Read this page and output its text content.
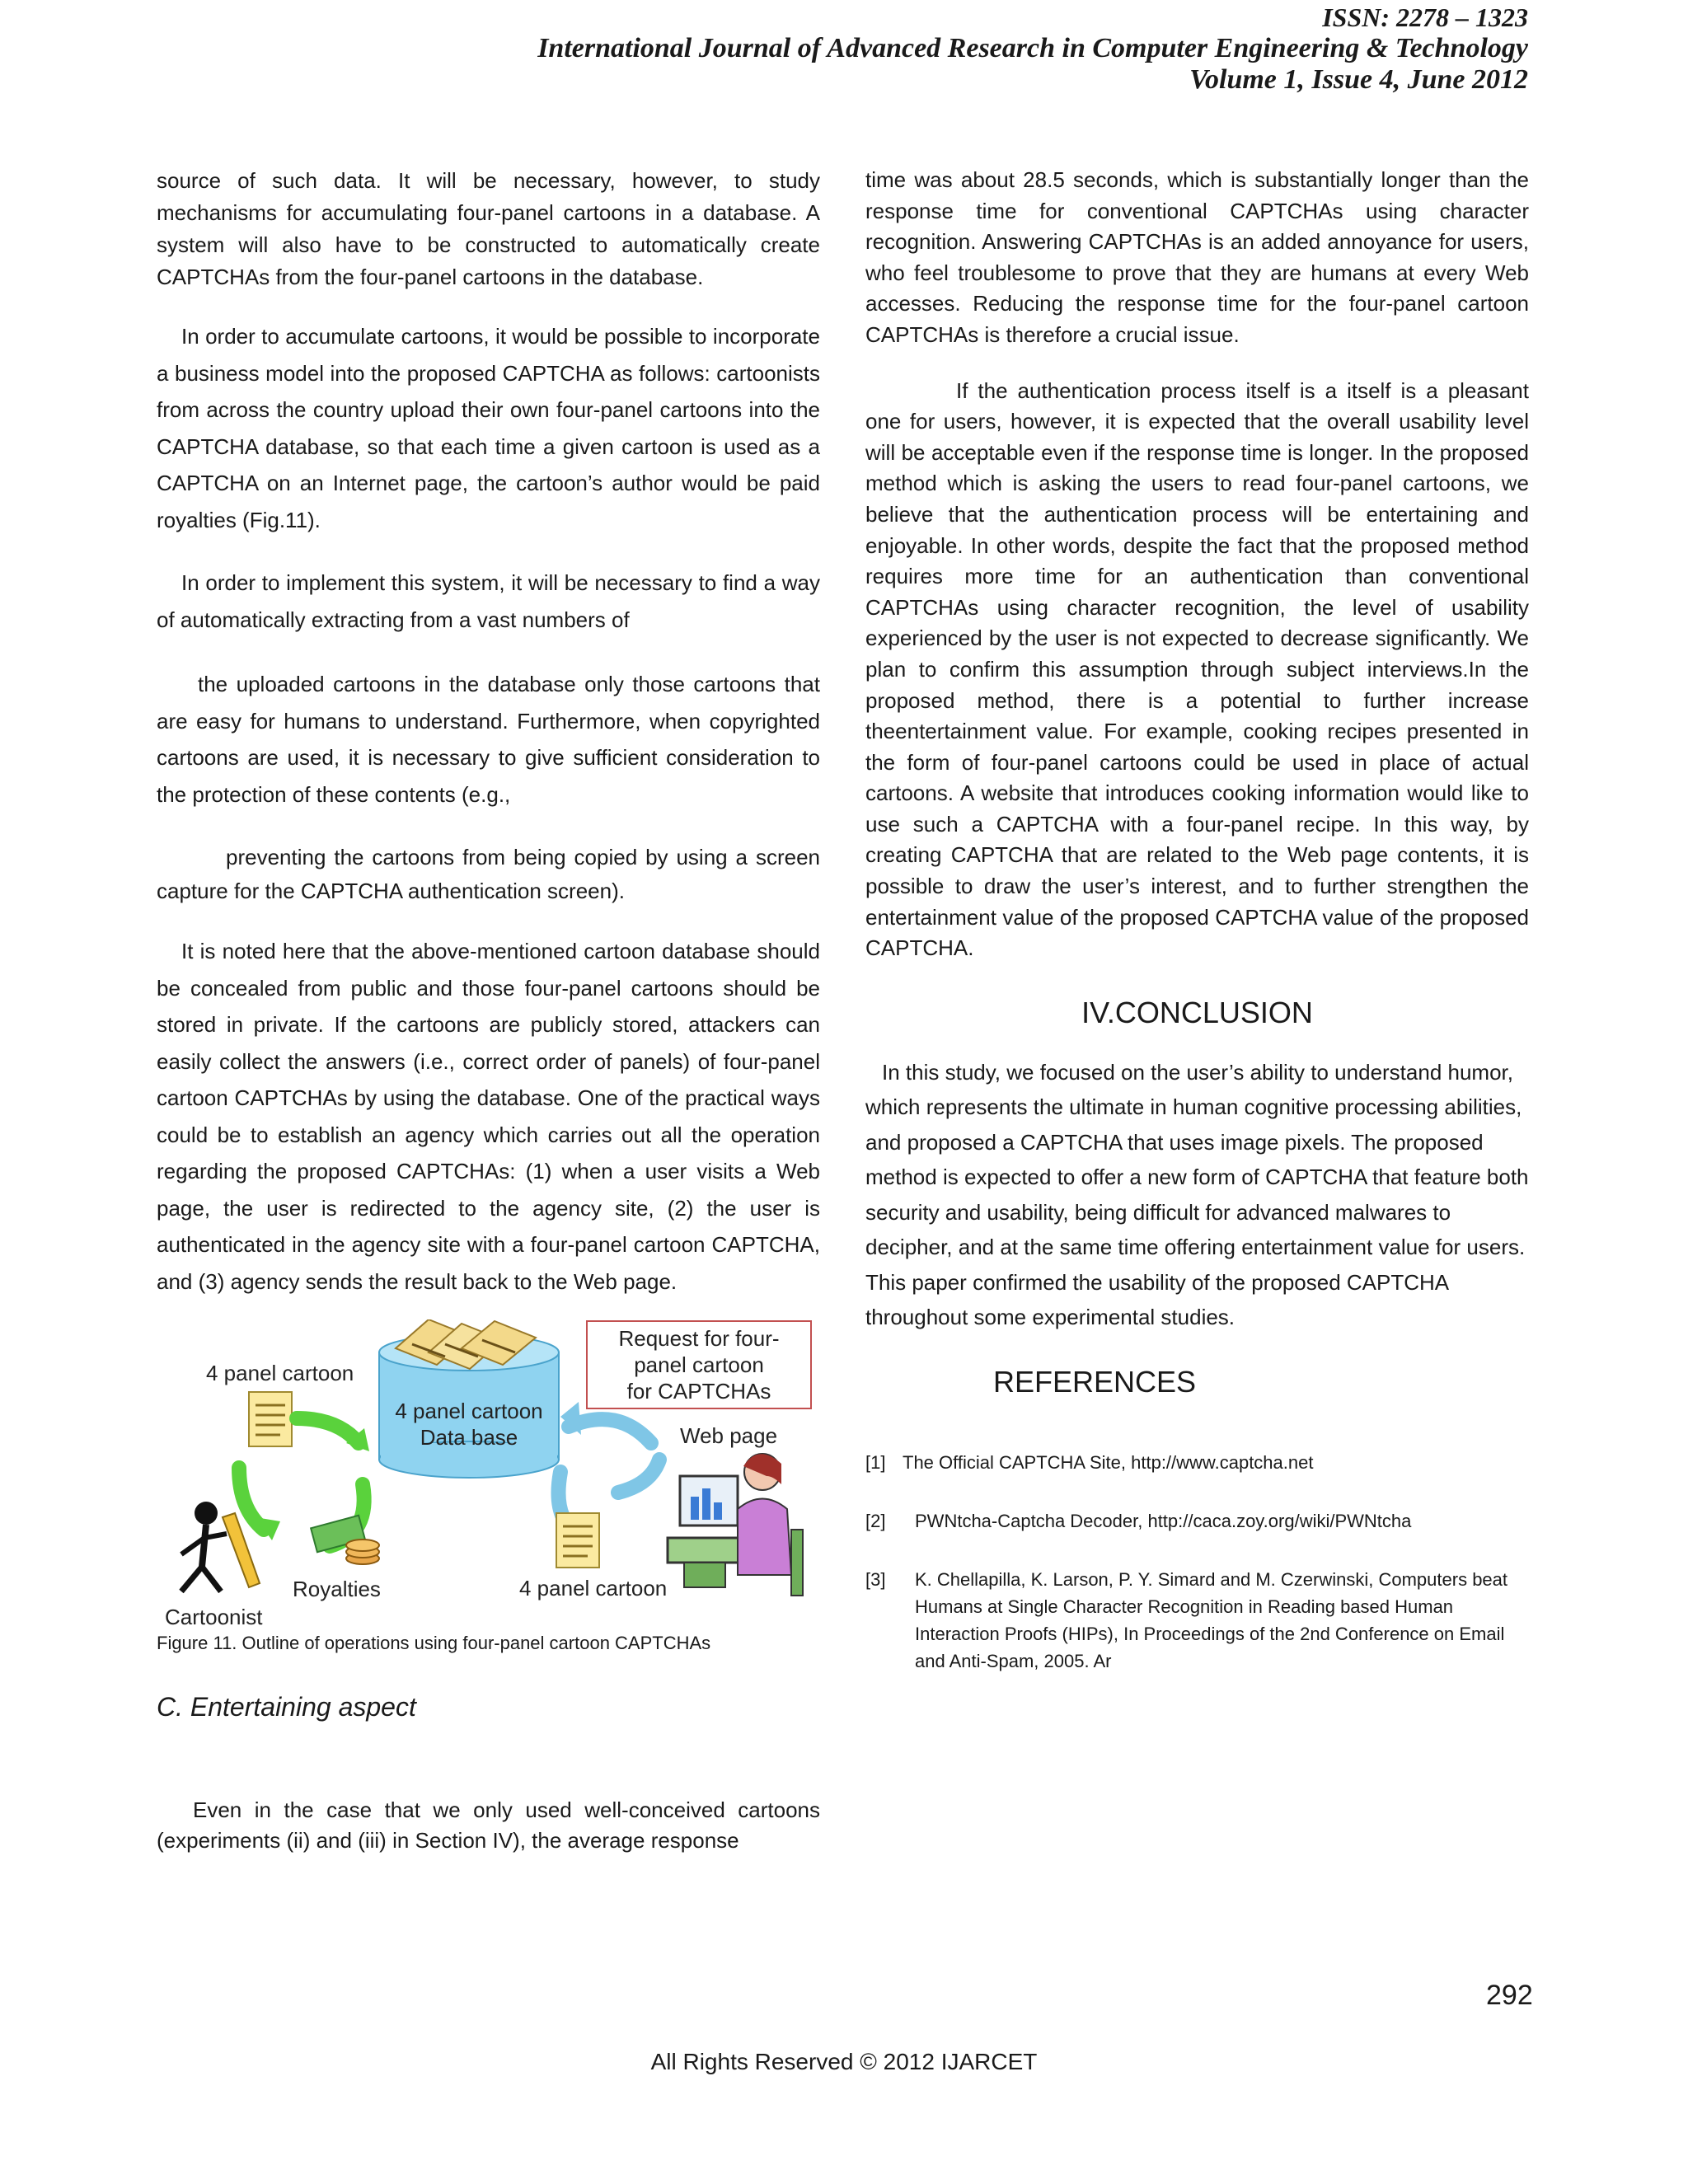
ISSN: 2278 – 1323
International Journal of Advanced Research in Computer Engineering & Technology
Volume 1, Issue 4, June 2012

source of such data. It will be necessary, however, to study mechanisms for accumulating four-panel cartoons in a database. A system will also have to be constructed to automatically create CAPTCHAs from the four-panel cartoons in the database.

In order to accumulate cartoons, it would be possible to incorporate a business model into the proposed CAPTCHA as follows: cartoonists from across the country upload their own four-panel cartoons into the CAPTCHA database, so that each time a given cartoon is used as a CAPTCHA on an Internet page, the cartoon’s author would be paid royalties (Fig.11).

In order to implement this system, it will be necessary to find a way of automatically extracting from a vast numbers of

the uploaded cartoons in the database only those cartoons that are easy for humans to understand. Furthermore, when copyrighted cartoons are used, it is necessary to give sufficient consideration to the protection of these contents (e.g.,

preventing the cartoons from being copied by using a screen capture for the CAPTCHA authentication screen).

It is noted here that the above-mentioned cartoon database should be concealed from public and those four-panel cartoons should be stored in private. If the cartoons are publicly stored, attackers can easily collect the answers (i.e., correct order of panels) of four-panel cartoon CAPTCHAs by using the database. One of the practical ways could be to establish an agency which carries out all the operation regarding the proposed CAPTCHAs: (1) when a user visits a Web page, the user is redirected to the agency site, (2) the user is authenticated in the agency site with a four-panel cartoon CAPTCHA, and (3) agency sends the result back to the Web page.

4 panel cartoon
Data base
Request for four-
panel cartoon
for CAPTCHAs
4 panel cartoon
Royalties
Cartoonist
Web page
4 panel cartoon
Figure 11. Outline of operations using four-panel cartoon CAPTCHAs
C. Entertaining aspect

Even in the case that we only used well-conceived cartoons (experiments (ii) and (iii) in Section IV), the average response

time was about 28.5 seconds, which is substantially longer than the response time for conventional CAPTCHAs using character recognition. Answering CAPTCHAs is an added annoyance for users, who feel troublesome to prove that they are humans at every Web accesses. Reducing the response time for the four-panel cartoon CAPTCHAs is therefore a crucial issue.

If the authentication process itself is a itself is a pleasant one for users, however, it is expected that the overall usability level will be acceptable even if the response time is longer. In the proposed method which is asking the users to read four-panel cartoons, we believe that the authentication process will be entertaining and enjoyable. In other words, despite the fact that the proposed method requires more time for an authentication than conventional CAPTCHAs using character recognition, the level of usability experienced by the user is not expected to decrease significantly. We plan to confirm this assumption through subject interviews.In the proposed method, there is a potential to further increase theentertainment value. For example, cooking recipes presented in the form of four-panel cartoons could be used in place of actual cartoons. A website that introduces cooking information would like to use such a CAPTCHA with a four-panel recipe. In this way, by creating CAPTCHA that are related to the Web page contents, it is possible to draw the user’s interest, and to further strengthen the entertainment value of the proposed CAPTCHA value of the proposed CAPTCHA.

IV.CONCLUSION

In this study, we focused on the user’s ability to understand humor, which represents the ultimate in human cognitive processing abilities, and proposed a CAPTCHA that uses image pixels. The proposed method is expected to offer a new form of CAPTCHA that feature both security and usability, being difficult for advanced malwares to decipher, and at the same time offering entertainment value for users. This paper confirmed the usability of the proposed CAPTCHA throughout some experimental studies.

REFERENCES
[1] The Official CAPTCHA Site, http://www.captcha.net
[2]	PWNtcha-Captcha Decoder, http://caca.zoy.org/wiki/PWNtcha
[3]	K. Chellapilla, K. Larson, P. Y. Simard and M. Czerwinski, Computers beat Humans at Single Character Recognition in Reading based Human Interaction Proofs (HIPs), In Proceedings of the 2nd Conference on Email and Anti-Spam, 2005. Ar
292
All Rights Reserved © 2012 IJARCET
